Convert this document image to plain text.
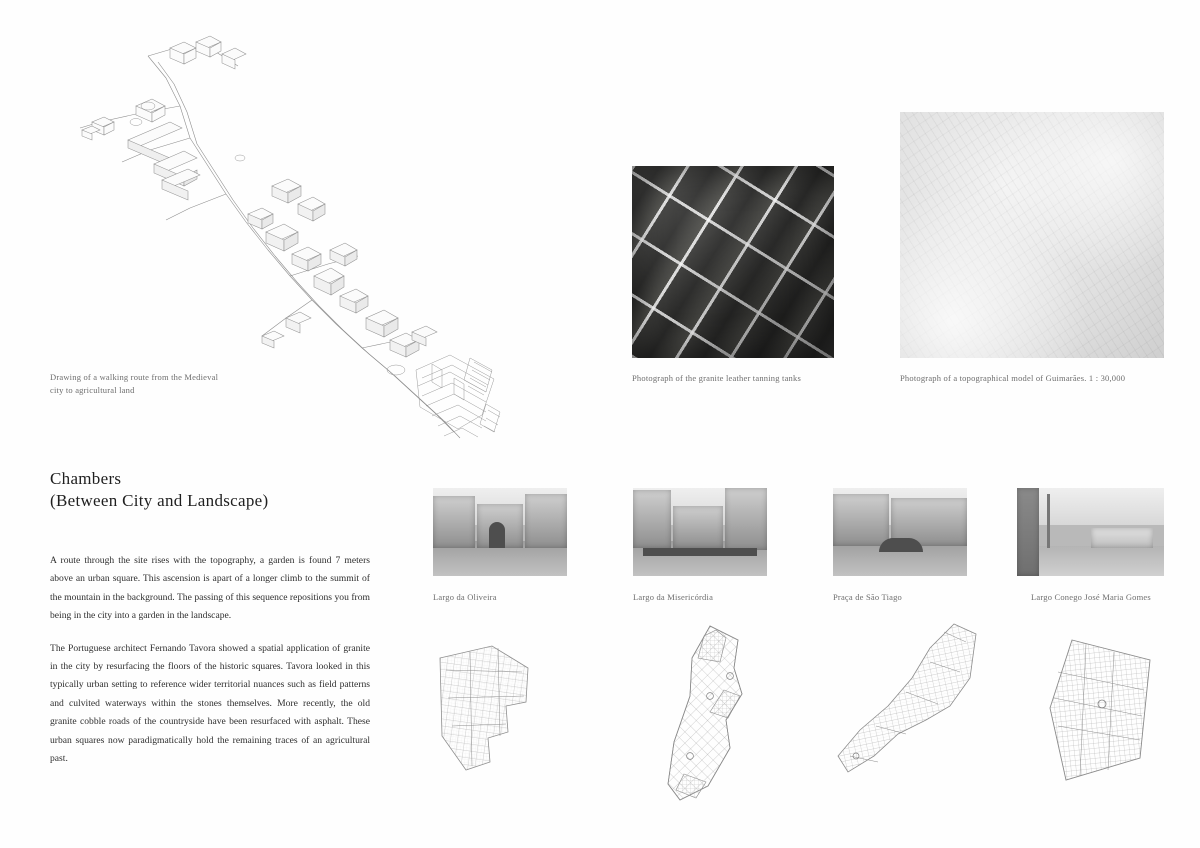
Drawing of a walking route from the Medieval city to agricultural land
Photograph of the granite leather tanning tanks	Photograph of a topographical model of Guimarães. 1 : 30,000
Chambers
(Between City and Landscape)

A route through the site rises with the topography, a garden is found 7 meters above an urban square. This ascension is apart of a longer climb to the summit of the mountain in the background. The passing of this sequence repositions you from being in the city into a garden in the landscape.

The Portuguese architect Fernando Tavora showed a spatial application of granite in the city by resurfacing the floors of the historic squares. Tavora looked in this typically urban setting to reference wider territorial nuances such as field patterns and culvited waterways within the stones themselves. More recently, the old granite cobble roads of the countryside have been resurfaced with asphalt. These urban squares now paradigmatically hold the remaining traces of an agricultural past.

Largo da Oliveira	Largo da Misericórdia	Praça de São Tiago	Largo Conego José Maria Gomes
